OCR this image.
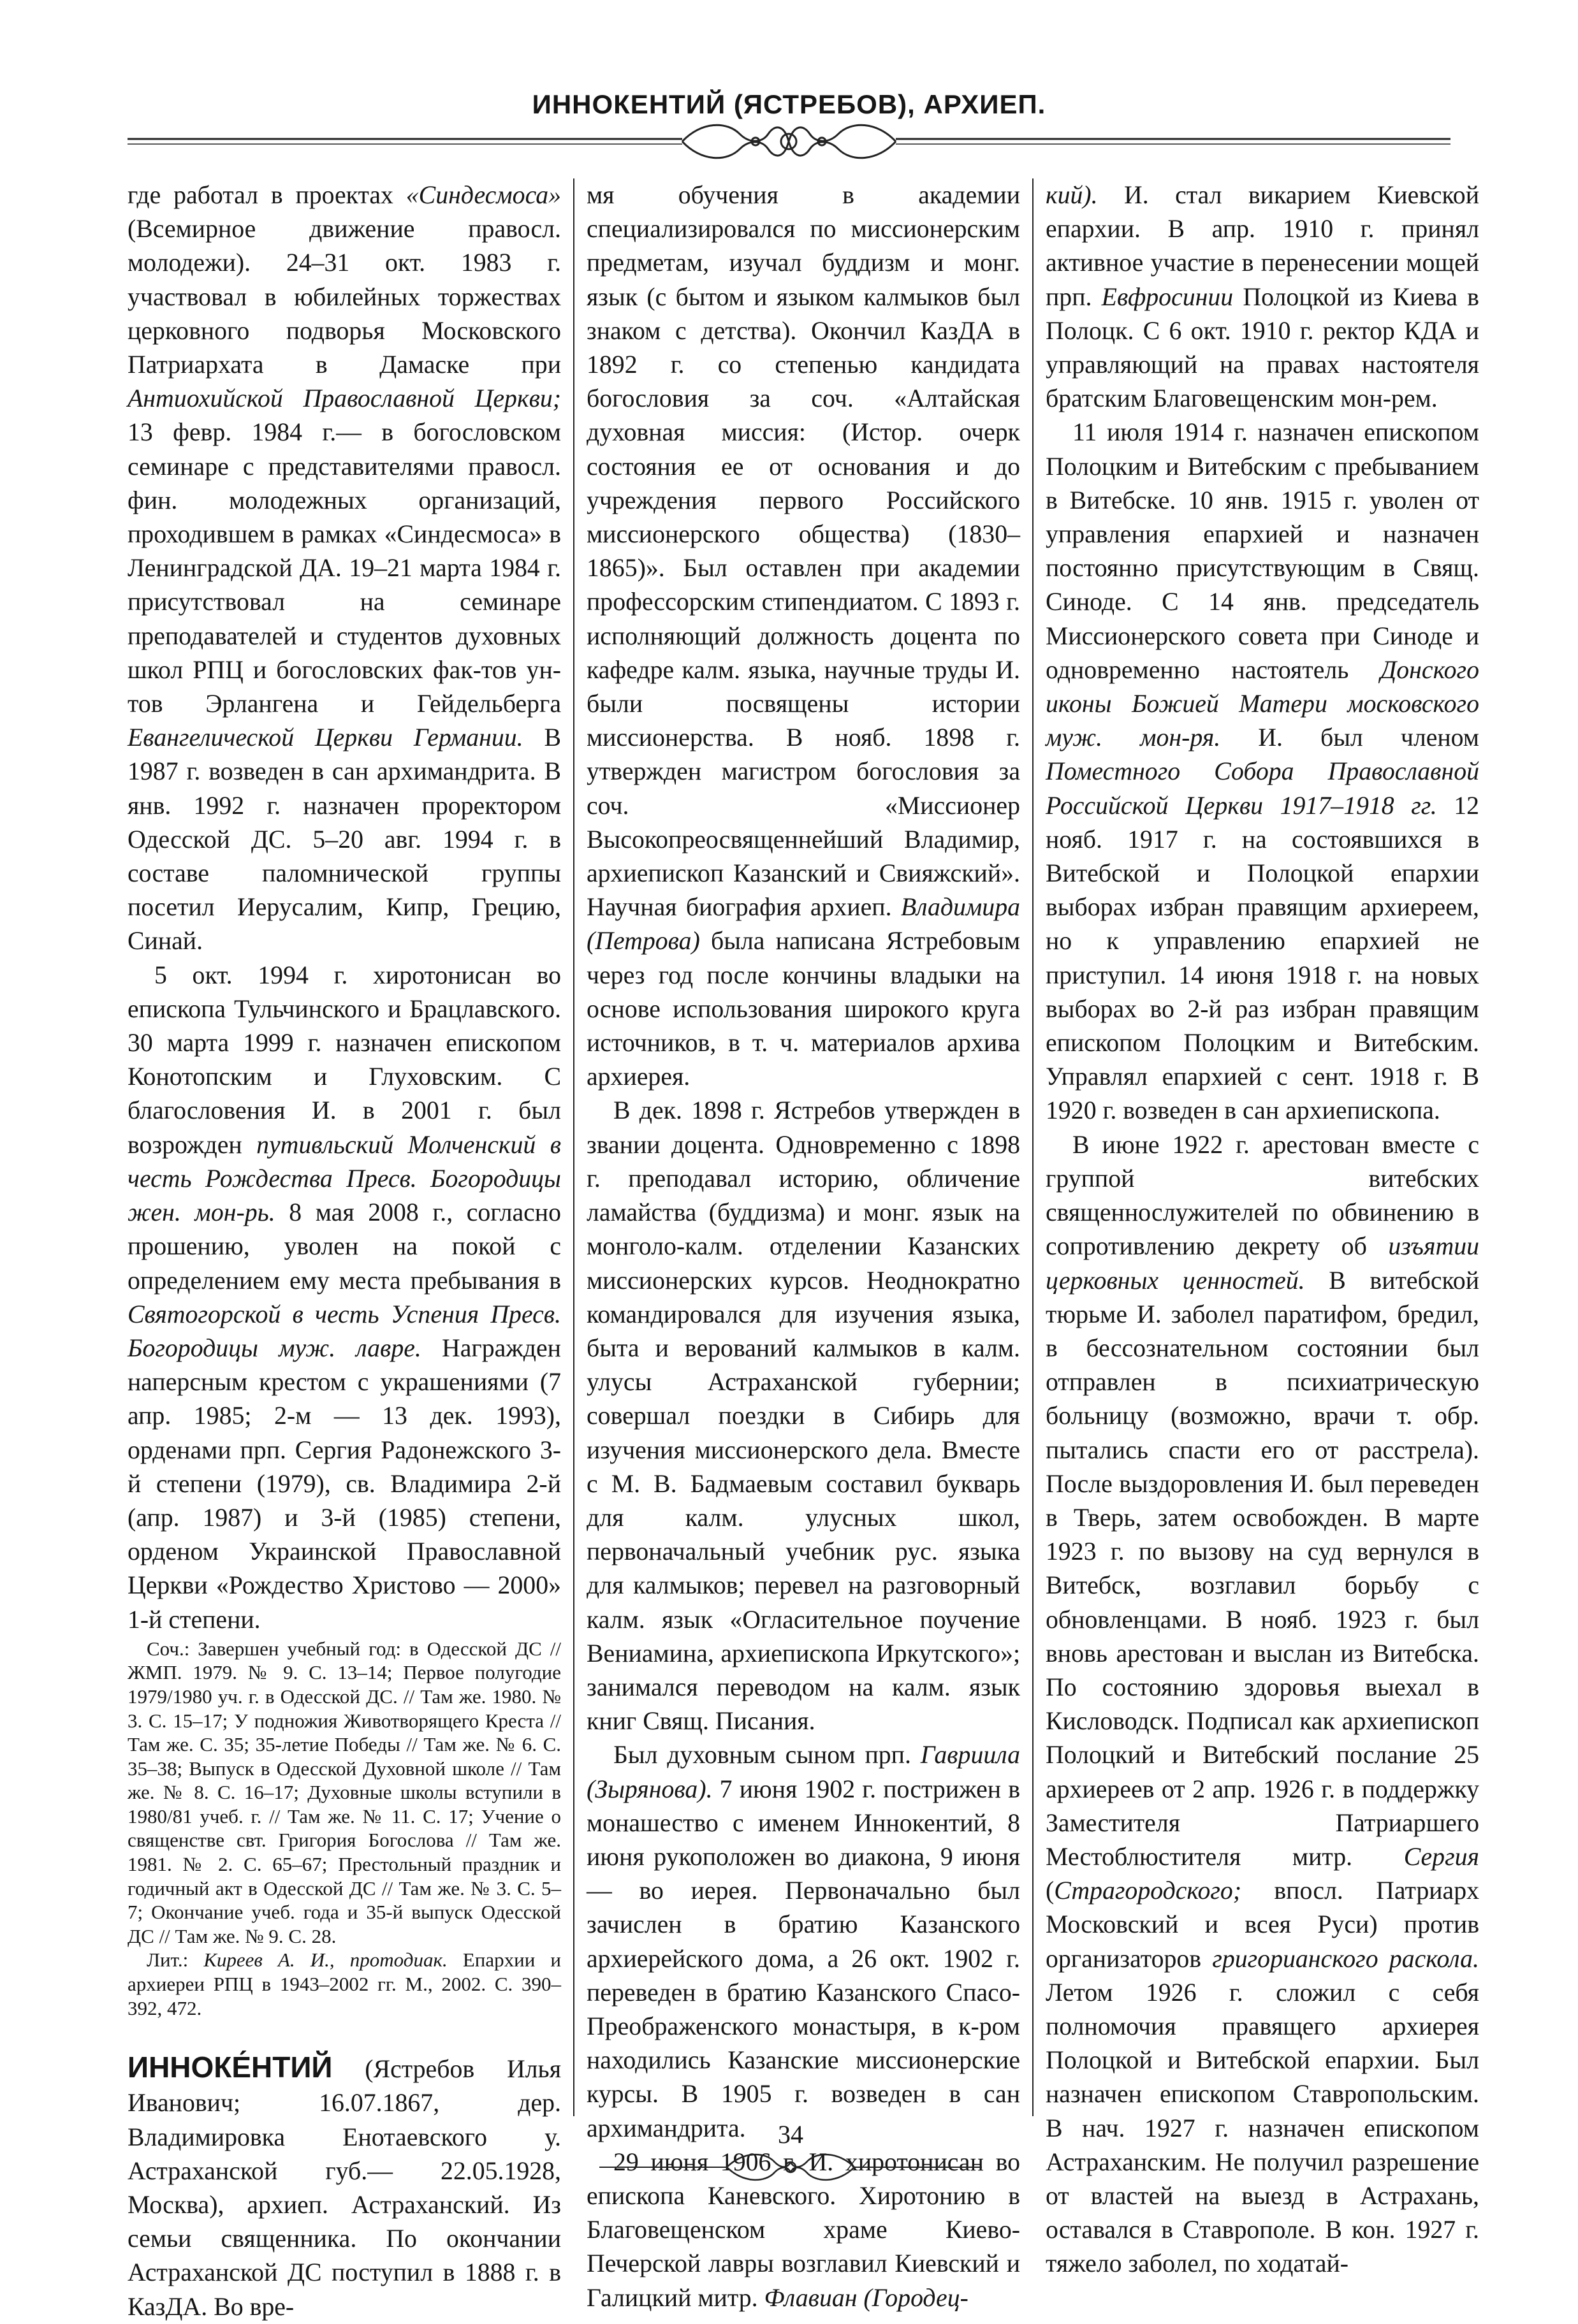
ИННОКЕНТИЙ (ЯСТРЕБОВ), АРХИЕП.

где работал в проектах «Синдесмоса» (Всемирное движение правосл. молодежи). 24–31 окт. 1983 г. участвовал в юбилейных торжествах церковного подворья Московского Патриархата в Дамаске при Антиохийской Православной Церкви; 13 февр. 1984 г.— в богословском семинаре с представителями правосл. фин. молодежных организаций, проходившем в рамках «Синдесмоса» в Ленинградской ДА. 19–21 марта 1984 г. присутствовал на семинаре преподавателей и студентов духовных школ РПЦ и богословских фак-тов ун-тов Эрлангена и Гейдельберга Евангелической Церкви Германии. В 1987 г. возведен в сан архимандрита. В янв. 1992 г. назначен проректором Одесской ДС. 5–20 авг. 1994 г. в составе паломнической группы посетил Иерусалим, Кипр, Грецию, Синай.

5 окт. 1994 г. хиротонисан во епископа Тульчинского и Брацлавского. 30 марта 1999 г. назначен епископом Конотопским и Глуховским. С благословения И. в 2001 г. был возрожден путивльский Молченский в честь Рождества Пресв. Богородицы жен. мон-рь. 8 мая 2008 г., согласно прошению, уволен на покой с определением ему места пребывания в Святогорской в честь Успения Пресв. Богородицы муж. лавре. Награжден наперсным крестом с украшениями (7 апр. 1985; 2-м — 13 дек. 1993), орденами прп. Сергия Радонежского 3-й степени (1979), св. Владимира 2-й (апр. 1987) и 3-й (1985) степени, орденом Украинской Православной Церкви «Рождество Христово — 2000» 1-й степени.

Соч.: Завершен учебный год: в Одесской ДС // ЖМП. 1979. № 9. С. 13–14; Первое полугодие 1979/1980 уч. г. в Одесской ДС. // Там же. 1980. № 3. С. 15–17; У подножия Животворящего Креста // Там же. С. 35; 35-летие Победы // Там же. № 6. С. 35–38; Выпуск в Одесской Духовной школе // Там же. № 8. С. 16–17; Духовные школы вступили в 1980/81 учеб. г. // Там же. № 11. С. 17; Учение о священстве свт. Григория Богослова // Там же. 1981. № 2. С. 65–67; Престольный праздник и годичный акт в Одесской ДС // Там же. № 3. С. 5–7; Окончание учеб. года и 35-й выпуск Одесской ДС // Там же. № 9. С. 28.

Лит.: Киреев А. И., протодиак. Епархии и архиереи РПЦ в 1943–2002 гг. М., 2002. С. 390–392, 472.

ИННОКЕ́НТИЙ (Ястребов Илья Иванович; 16.07.1867, дер. Владимировка Енотаевского у. Астраханской губ.— 22.05.1928, Москва), архиеп. Астраханский. Из семьи священника. По окончании Астраханской ДС поступил в 1888 г. в КазДА. Во вре-

мя обучения в академии специализировался по миссионерским предметам, изучал буддизм и монг. язык (с бытом и языком калмыков был знаком с детства). Окончил КазДА в 1892 г. со степенью кандидата богословия за соч. «Алтайская духовная миссия: (Истор. очерк состояния ее от основания и до учреждения первого Российского миссионерского общества) (1830–1865)». Был оставлен при академии профессорским стипендиатом. С 1893 г. исполняющий должность доцента по кафедре калм. языка, научные труды И. были посвящены истории миссионерства. В нояб. 1898 г. утвержден магистром богословия за соч. «Миссионер Высокопреосвященнейший Владимир, архиепископ Казанский и Свияжский». Научная биография архиеп. Владимира (Петрова) была написана Ястребовым через год после кончины владыки на основе использования широкого круга источников, в т. ч. материалов архива архиерея.

В дек. 1898 г. Ястребов утвержден в звании доцента. Одновременно с 1898 г. преподавал историю, обличение ламайства (буддизма) и монг. язык на монголо-калм. отделении Казанских миссионерских курсов. Неоднократно командировался для изучения языка, быта и верований калмыков в калм. улусы Астраханской губернии; совершал поездки в Сибирь для изучения миссионерского дела. Вместе с М. В. Бадмаевым составил букварь для калм. улусных школ, первоначальный учебник рус. языка для калмыков; перевел на разговорный калм. язык «Огласительное поучение Вениамина, архиепископа Иркутского»; занимался переводом на калм. язык книг Свящ. Писания.

Был духовным сыном прп. Гавриила (Зырянова). 7 июня 1902 г. пострижен в монашество с именем Иннокентий, 8 июня рукоположен во диакона, 9 июня — во иерея. Первоначально был зачислен в братию Казанского архиерейского дома, а 26 окт. 1902 г. переведен в братию Казанского Спасо-Преображенского монастыря, в к-ром находились Казанские миссионерские курсы. В 1905 г. возведен в сан архимандрита.

29 июня 1906 г. И. хиротонисан во епископа Каневского. Хиротонию в Благовещенском храме Киево-Печерской лавры возглавил Киевский и Галицкий митр. Флавиан (Городец-

кий). И. стал викарием Киевской епархии. В апр. 1910 г. принял активное участие в перенесении мощей прп. Евфросинии Полоцкой из Киева в Полоцк. С 6 окт. 1910 г. ректор КДА и управляющий на правах настоятеля братским Благовещенским мон-рем.

11 июля 1914 г. назначен епископом Полоцким и Витебским с пребыванием в Витебске. 10 янв. 1915 г. уволен от управления епархией и назначен постоянно присутствующим в Свящ. Синоде. С 14 янв. председатель Миссионерского совета при Синоде и одновременно настоятель Донского иконы Божией Матери московского муж. мон-ря. И. был членом Поместного Собора Православной Российской Церкви 1917–1918 гг. 12 нояб. 1917 г. на состоявшихся в Витебской и Полоцкой епархии выборах избран правящим архиереем, но к управлению епархией не приступил. 14 июня 1918 г. на новых выборах во 2-й раз избран правящим епископом Полоцким и Витебским. Управлял епархией с сент. 1918 г. В 1920 г. возведен в сан архиепископа.

В июне 1922 г. арестован вместе с группой витебских священнослужителей по обвинению в сопротивлению декрету об изъятии церковных ценностей. В витебской тюрьме И. заболел паратифом, бредил, в бессознательном состоянии был отправлен в психиатрическую больницу (возможно, врачи т. обр. пытались спасти его от расстрела). После выздоровления И. был переведен в Тверь, затем освобожден. В марте 1923 г. по вызову на суд вернулся в Витебск, возглавил борьбу с обновленцами. В нояб. 1923 г. был вновь арестован и выслан из Витебска. По состоянию здоровья выехал в Кисловодск. Подписал как архиепископ Полоцкий и Витебский послание 25 архиереев от 2 апр. 1926 г. в поддержку Заместителя Патриаршего Местоблюстителя митр. Сергия (Страгородского; впосл. Патриарх Московский и всея Руси) против организаторов григорианского раскола. Летом 1926 г. сложил с себя полномочия правящего архиерея Полоцкой и Витебской епархии. Был назначен епископом Ставропольским. В нач. 1927 г. назначен епископом Астраханским. Не получил разрешение от властей на выезд в Астрахань, оставался в Ставрополе. В кон. 1927 г. тяжело заболел, по ходатай-

34
